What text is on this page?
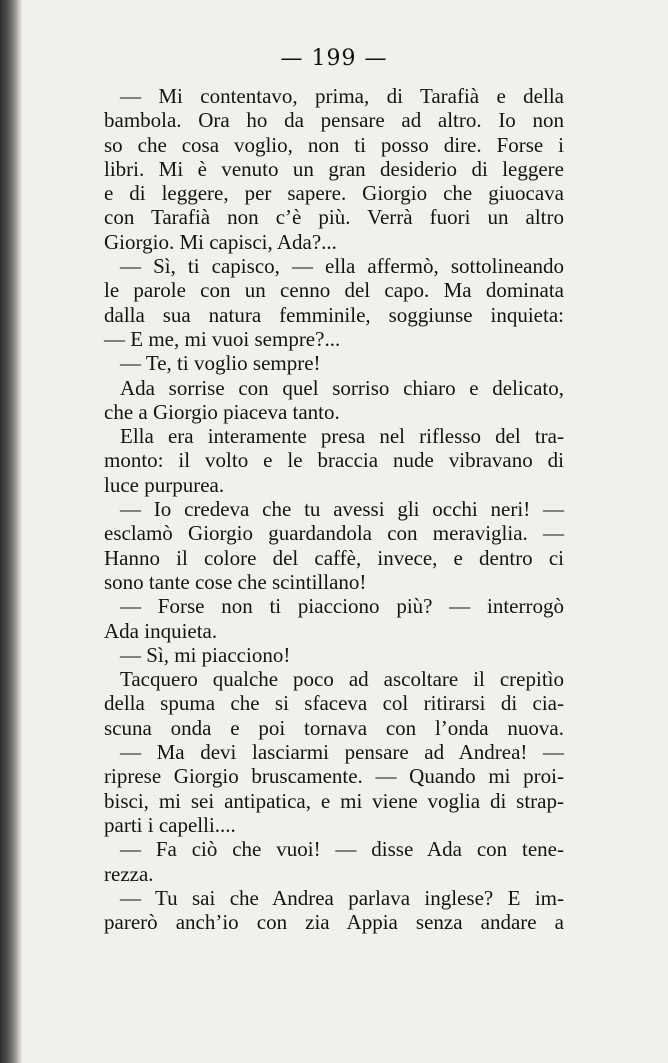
— 199 —
— Mi contentavo, prima, di Tarafià e della
bambola. Ora ho da pensare ad altro. Io non
so che cosa voglio, non ti posso dire. Forse i
libri. Mi è venuto un gran desiderio di leggere
e di leggere, per sapere. Giorgio che giuocava
con Tarafià non c’è più. Verrà fuori un altro
Giorgio. Mi capisci, Ada?...
— Sì, ti capisco, — ella affermò, sottolineando
le parole con un cenno del capo. Ma dominata
dalla sua natura femminile, soggiunse inquieta:
— E me, mi vuoi sempre?...
— Te, ti voglio sempre!
Ada sorrise con quel sorriso chiaro e delicato,
che a Giorgio piaceva tanto.
Ella era interamente presa nel riflesso del tra-
monto: il volto e le braccia nude vibravano di
luce purpurea.
— Io credeva che tu avessi gli occhi neri! —
esclamò Giorgio guardandola con meraviglia. —
Hanno il colore del caffè, invece, e dentro ci
sono tante cose che scintillano!
— Forse non ti piacciono più? — interrogò
Ada inquieta.
— Sì, mi piacciono!
Tacquero qualche poco ad ascoltare il crepitìo
della spuma che si sfaceva col ritirarsi di cia-
scuna onda e poi tornava con l’onda nuova.
— Ma devi lasciarmi pensare ad Andrea! —
riprese Giorgio bruscamente. — Quando mi proi-
bisci, mi sei antipatica, e mi viene voglia di strap-
parti i capelli....
— Fa ciò che vuoi! — disse Ada con tene-
rezza.
— Tu sai che Andrea parlava inglese? E im-
parerò anch’io con zia Appia senza andare a
